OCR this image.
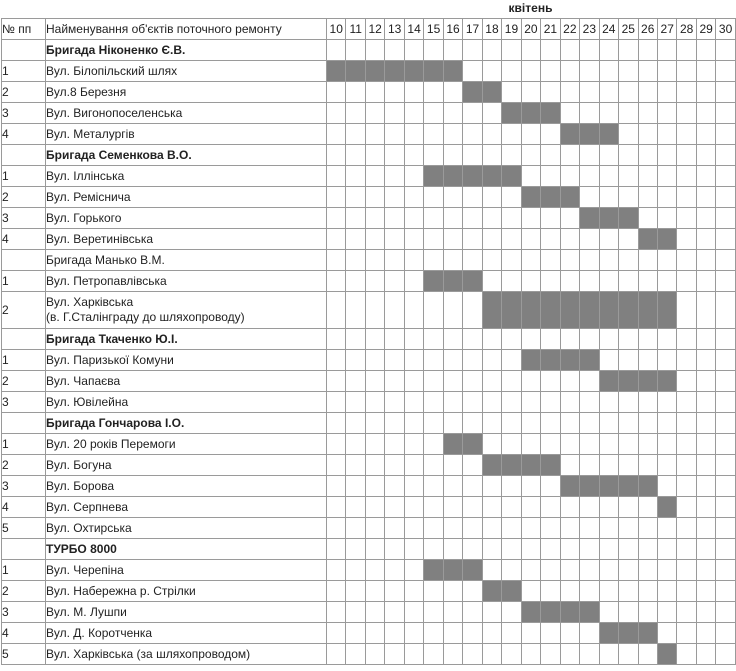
квітень
№ пп	Найменування об'єктів поточного ремонту	10	11	12	13	14	15	16	17	18	19	20	21	22	23	24	25	26	27	28	29	30
	Бригада Ніконенко Є.В.																					
1	Вул. Білопільский шлях																					
2	Вул.8 Березня																					
3	Вул. Вигонопоселенська																					
4	Вул. Металургів																					
	Бригада Семенкова В.О.																					
1	Вул. Іллінська																					
2	Вул. Реміснича																					
3	Вул. Горького																					
4	Вул. Веретинівська																					
	Бригада Манько В.М.																					
1	Вул. Петропавлівська																					
2	Вул. Харківська
(в. Г.Сталінграду до шляхопроводу)																					
	Бригада Ткаченко Ю.І.																					
1	Вул. Паризької Комуни																					
2	Вул. Чапаєва																					
3	Вул. Ювілейна																					
	Бригада Гончарова І.О.																					
1	Вул. 20 років Перемоги																					
2	Вул. Богуна																					
3	Вул. Борова																					
4	Вул. Серпнева																					
5	Вул. Охтирська																					
	ТУРБО 8000																					
1	Вул. Черепіна																					
2	Вул. Набережна р. Стрілки																					
3	Вул. М. Лушпи																					
4	Вул. Д. Коротченка																					
5	Вул. Харківська (за шляхопроводом)																					
